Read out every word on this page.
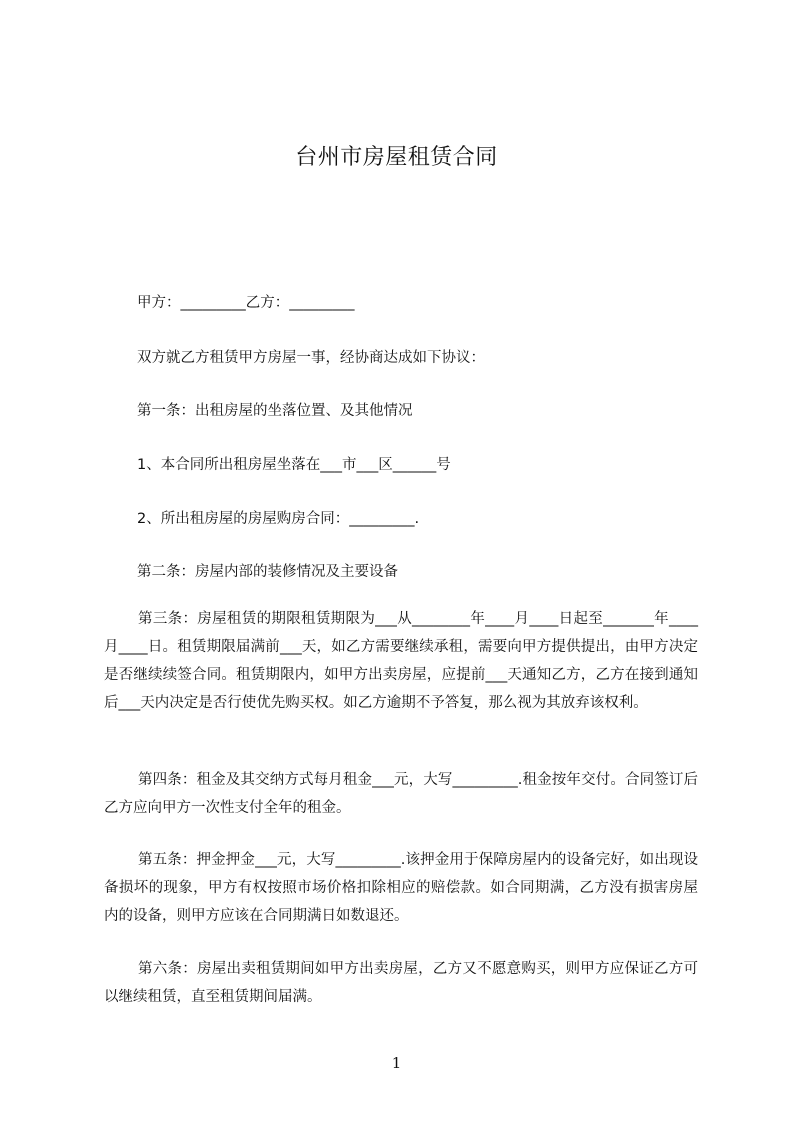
台州市房屋租赁合同

甲方：_________乙方：_________

双方就乙方租赁甲方房屋一事，经协商达成如下协议：

第一条：出租房屋的坐落位置、及其他情况

1、本合同所出租房屋坐落在___市___区______号

2、所出租房屋的房屋购房合同：_________.

第二条：房屋内部的装修情况及主要设备

第三条：房屋租赁的期限租赁期限为___从________年____月____日起至_______年____月____日。租赁期限届满前___天，如乙方需要继续承租，需要向甲方提供提出，由甲方决定是否继续续签合同。租赁期限内，如甲方出卖房屋，应提前___天通知乙方，乙方在接到通知后___天内决定是否行使优先购买权。如乙方逾期不予答复，那么视为其放弃该权利。

第四条：租金及其交纳方式每月租金___元，大写_________.租金按年交付。合同签订后乙方应向甲方一次性支付全年的租金。

第五条：押金押金___元，大写_________.该押金用于保障房屋内的设备完好，如出现设备损坏的现象，甲方有权按照市场价格扣除相应的赔偿款。如合同期满，乙方没有损害房屋内的设备，则甲方应该在合同期满日如数退还。

第六条：房屋出卖租赁期间如甲方出卖房屋，乙方又不愿意购买，则甲方应保证乙方可以继续租赁，直至租赁期间届满。

1
